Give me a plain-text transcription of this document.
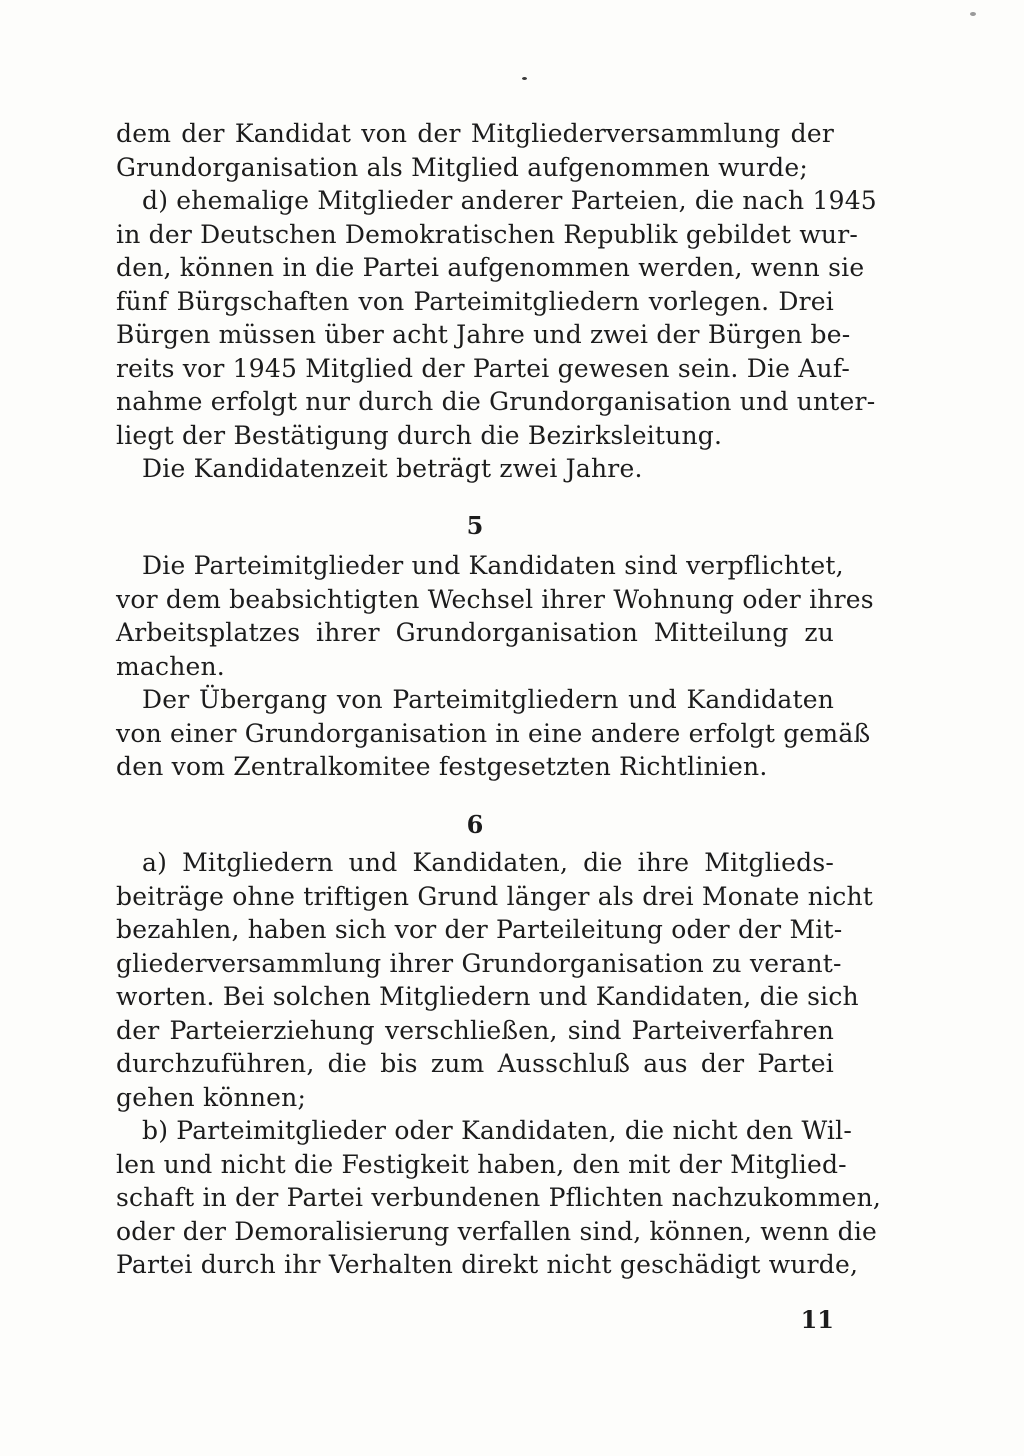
dem der Kandidat von der Mitgliederversammlung der
Grundorganisation als Mitglied aufgenommen wurde;
d) ehemalige Mitglieder anderer Parteien, die nach 1945
in der Deutschen Demokratischen Republik gebildet wur-
den, können in die Partei aufgenommen werden, wenn sie
fünf Bürgschaften von Parteimitgliedern vorlegen. Drei
Bürgen müssen über acht Jahre und zwei der Bürgen be-
reits vor 1945 Mitglied der Partei gewesen sein. Die Auf-
nahme erfolgt nur durch die Grundorganisation und unter-
liegt der Bestätigung durch die Bezirksleitung.
Die Kandidatenzeit beträgt zwei Jahre.
5
Die Parteimitglieder und Kandidaten sind verpflichtet,
vor dem beabsichtigten Wechsel ihrer Wohnung oder ihres
Arbeitsplatzes ihrer Grundorganisation Mitteilung zu
machen.
Der Übergang von Parteimitgliedern und Kandidaten
von einer Grundorganisation in eine andere erfolgt gemäß
den vom Zentralkomitee festgesetzten Richtlinien.
6
a) Mitgliedern und Kandidaten, die ihre Mitglieds-
beiträge ohne triftigen Grund länger als drei Monate nicht
bezahlen, haben sich vor der Parteileitung oder der Mit-
gliederversammlung ihrer Grundorganisation zu verant-
worten. Bei solchen Mitgliedern und Kandidaten, die sich
der Parteierziehung verschließen, sind Parteiverfahren
durchzuführen, die bis zum Ausschluß aus der Partei
gehen können;
b) Parteimitglieder oder Kandidaten, die nicht den Wil-
len und nicht die Festigkeit haben, den mit der Mitglied-
schaft in der Partei verbundenen Pflichten nachzukommen,
oder der Demoralisierung verfallen sind, können, wenn die
Partei durch ihr Verhalten direkt nicht geschädigt wurde,
11
